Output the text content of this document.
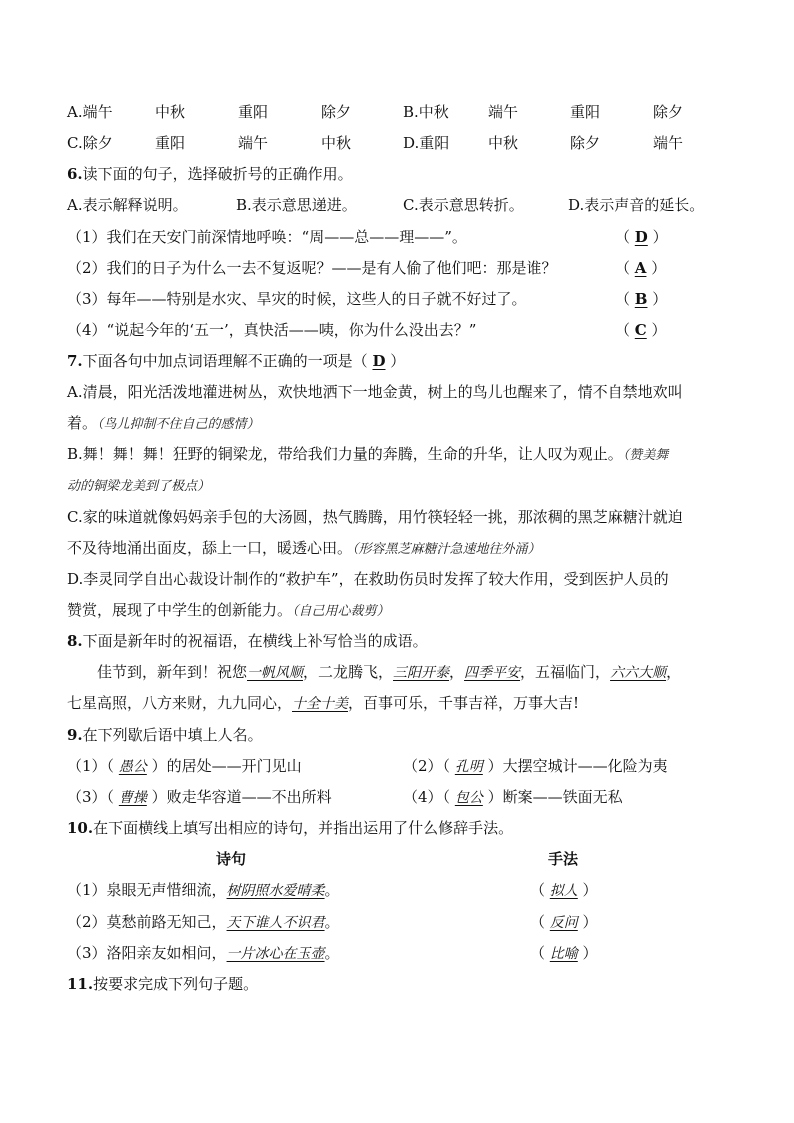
A.端午	中秋	重阳	除夕	B.中秋	端午	重阳	除夕
C.除夕	重阳	端午	中秋	D.重阳	中秋	除夕	端午
6.读下面的句子，选择破折号的正确作用。
A.表示解释说明。	B.表示意思递进。	C.表示意思转折。	D.表示声音的延长。
（1）我们在天安门前深情地呼唤：“周——总——理——”。	（ D ）
（2）我们的日子为什么一去不复返呢？——是有人偷了他们吧：那是谁？	（ A ）
（3）每年——特别是水灾、旱灾的时候，这些人的日子就不好过了。	（ B ）
（4）“说起今年的‘五一’，真快活——咦，你为什么没出去？”	（ C ）
7.下面各句中加点词语理解不正确的一项是（ D ）
A.清晨，阳光活泼地灌进树丛，欢快地洒下一地金黄，树上的鸟儿也醒来了，情不自禁地欢叫
着。（鸟儿抑制不住自己的感情）
B.舞！舞！舞！狂野的铜梁龙，带给我们力量的奔腾，生命的升华，让人叹为观止。（赞美舞
动的铜梁龙美到了极点）
C.家的味道就像妈妈亲手包的大汤圆，热气腾腾，用竹筷轻轻一挑，那浓稠的黑芝麻糖汁就迫
不及待地涌出面皮，舔上一口，暖透心田。（形容黑芝麻糖汁急速地往外涌）
D.李灵同学自出心裁设计制作的“救护车”，在救助伤员时发挥了较大作用，受到医护人员的
赞赏，展现了中学生的创新能力。（自己用心裁剪）
8.下面是新年时的祝福语，在横线上补写恰当的成语。
佳节到，新年到！祝您一帆风顺，二龙腾飞，三阳开泰，四季平安，五福临门，六六大顺，
七星高照，八方来财，九九同心，十全十美，百事可乐，千事吉祥，万事大吉!
9.在下列歇后语中填上人名。
（1）（ 愚公 ）的居处——开门见山	（2）（ 孔明 ）大摆空城计——化险为夷
（3）（ 曹操 ）败走华容道——不出所料	（4）（ 包公 ）断案——铁面无私
10.在下面横线上填写出相应的诗句，并指出运用了什么修辞手法。
诗句	手法
（1）泉眼无声惜细流，树阴照水爱晴柔。	（ 拟人 ）
（2）莫愁前路无知己，天下谁人不识君。	（ 反问 ）
（3）洛阳亲友如相问，一片冰心在玉壶。	（ 比喻 ）
11.按要求完成下列句子题。
